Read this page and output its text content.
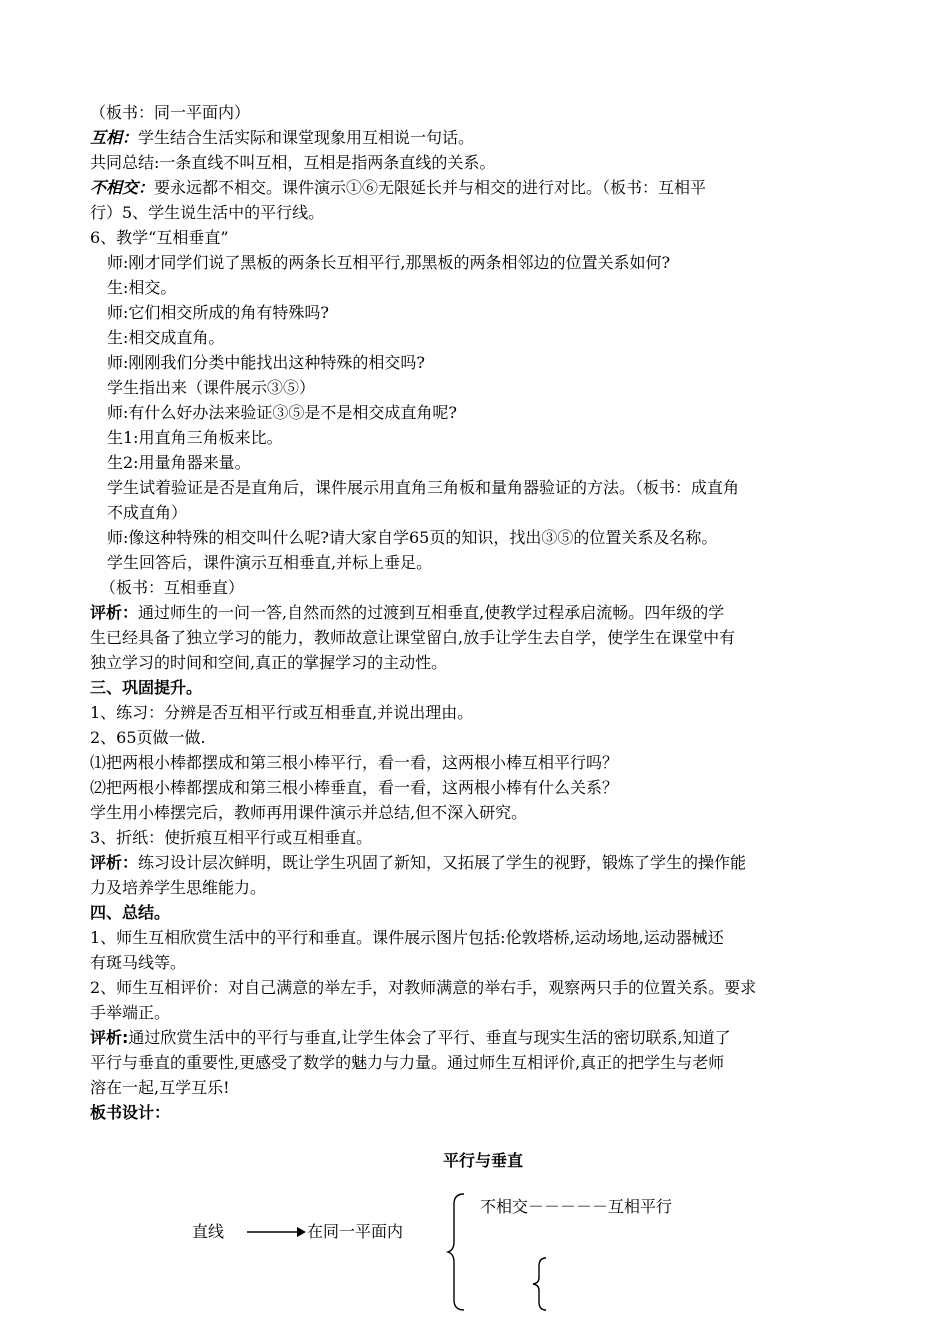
（板书：同一平面内）
互相：学生结合生活实际和课堂现象用互相说一句话。
共同总结:一条直线不叫互相，互相是指两条直线的关系。
不相交：要永远都不相交。课件演示①⑥无限延长并与相交的进行对比。（板书：互相平
行）5、学生说生活中的平行线。
6、教学“互相垂直”
师:刚才同学们说了黑板的两条长互相平行,那黑板的两条相邻边的位置关系如何?
生:相交。
师:它们相交所成的角有特殊吗?
生:相交成直角。
师:刚刚我们分类中能找出这种特殊的相交吗?
学生指出来（课件展示③⑤）
师:有什么好办法来验证③⑤是不是相交成直角呢?
生1:用直角三角板来比。
生2:用量角器来量。
学生试着验证是否是直角后，课件展示用直角三角板和量角器验证的方法。（板书：成直角
不成直角）
师:像这种特殊的相交叫什么呢?请大家自学65页的知识，找出③⑤的位置关系及名称。
学生回答后，课件演示互相垂直,并标上垂足。
（板书：互相垂直）
评析：通过师生的一问一答,自然而然的过渡到互相垂直,使教学过程承启流畅。四年级的学
生已经具备了独立学习的能力，教师故意让课堂留白,放手让学生去自学，使学生在课堂中有
独立学习的时间和空间,真正的掌握学习的主动性。
三、巩固提升。
1、练习：分辨是否互相平行或互相垂直,并说出理由。
2、65页做一做.
⑴把两根小棒都摆成和第三根小棒平行，看一看，这两根小棒互相平行吗？
⑵把两根小棒都摆成和第三根小棒垂直，看一看，这两根小棒有什么关系？
学生用小棒摆完后，教师再用课件演示并总结,但不深入研究。
3、折纸：使折痕互相平行或互相垂直。
评析：练习设计层次鲜明，既让学生巩固了新知，又拓展了学生的视野，锻炼了学生的操作能
力及培养学生思维能力。
四、总结。
1、师生互相欣赏生活中的平行和垂直。课件展示图片包括:伦敦塔桥,运动场地,运动器械还
有斑马线等。
2、师生互相评价：对自己满意的举左手，对教师满意的举右手，观察两只手的位置关系。要求
手举端正。
评析:通过欣赏生活中的平行与垂直,让学生体会了平行、垂直与现实生活的密切联系,知道了
平行与垂直的重要性,更感受了数学的魅力与力量。通过师生互相评价,真正的把学生与老师
溶在一起,互学互乐!
板书设计：
平行与垂直
直线	在同一平面内
不相交－－－－－互相平行
